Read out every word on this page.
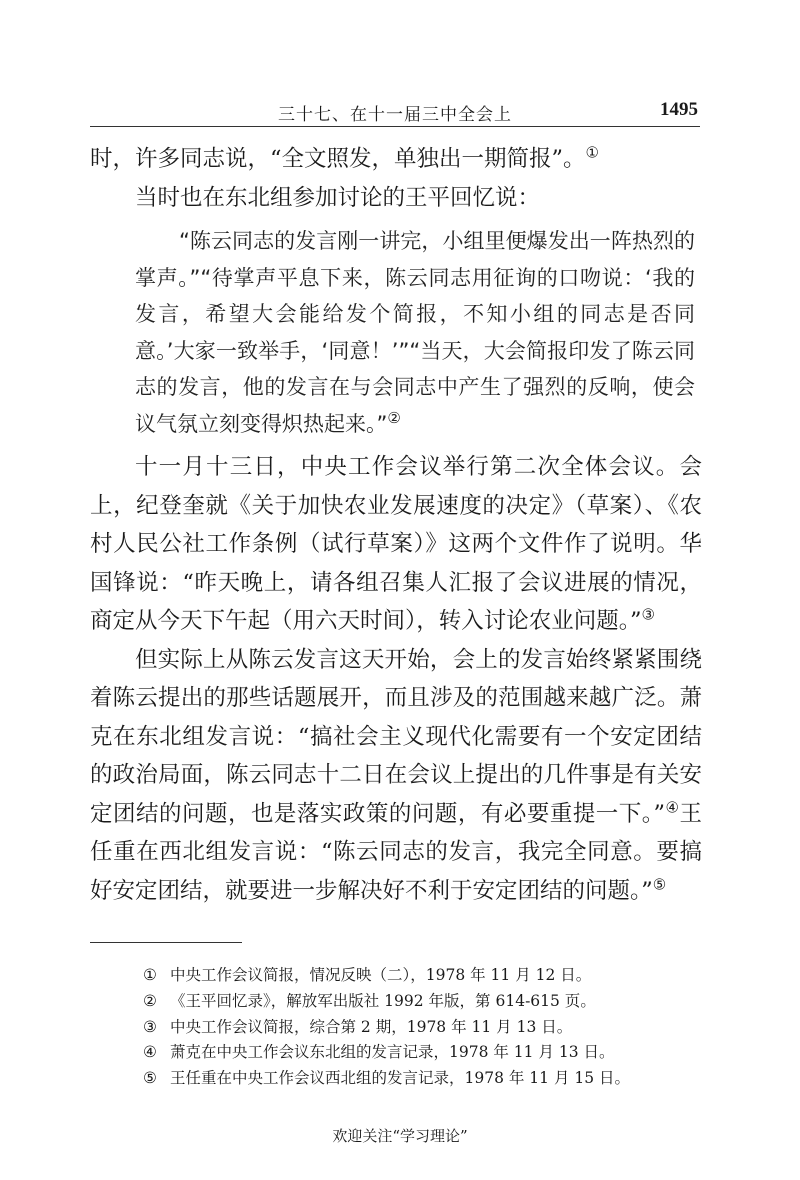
三十七、在十一届三中全会上	1495

时，许多同志说，“全文照发，单独出一期简报”。①

当时也在东北组参加讨论的王平回忆说：

“陈云同志的发言刚一讲完，小组里便爆发出一阵热烈的掌声。”“待掌声平息下来，陈云同志用征询的口吻说：‘我的发言，希望大会能给发个简报，不知小组的同志是否同意。’大家一致举手，‘同意！’”“当天，大会简报印发了陈云同志的发言，他的发言在与会同志中产生了强烈的反响，使会议气氛立刻变得炽热起来。”②

十一月十三日，中央工作会议举行第二次全体会议。会上，纪登奎就《关于加快农业发展速度的决定》（草案）、《农村人民公社工作条例（试行草案）》这两个文件作了说明。华国锋说：“昨天晚上，请各组召集人汇报了会议进展的情况，商定从今天下午起（用六天时间），转入讨论农业问题。”③

但实际上从陈云发言这天开始，会上的发言始终紧紧围绕着陈云提出的那些话题展开，而且涉及的范围越来越广泛。萧克在东北组发言说：“搞社会主义现代化需要有一个安定团结的政治局面，陈云同志十二日在会议上提出的几件事是有关安定团结的问题，也是落实政策的问题，有必要重提一下。”④王任重在西北组发言说：“陈云同志的发言，我完全同意。要搞好安定团结，就要进一步解决好不利于安定团结的问题。”⑤

① 中央工作会议简报，情况反映（二），1978 年 11 月 12 日。
② 《王平回忆录》，解放军出版社 1992 年版，第 614-615 页。
③ 中央工作会议简报，综合第 2 期，1978 年 11 月 13 日。
④ 萧克在中央工作会议东北组的发言记录，1978 年 11 月 13 日。
⑤ 王任重在中央工作会议西北组的发言记录，1978 年 11 月 15 日。
欢迎关注“学习理论”
